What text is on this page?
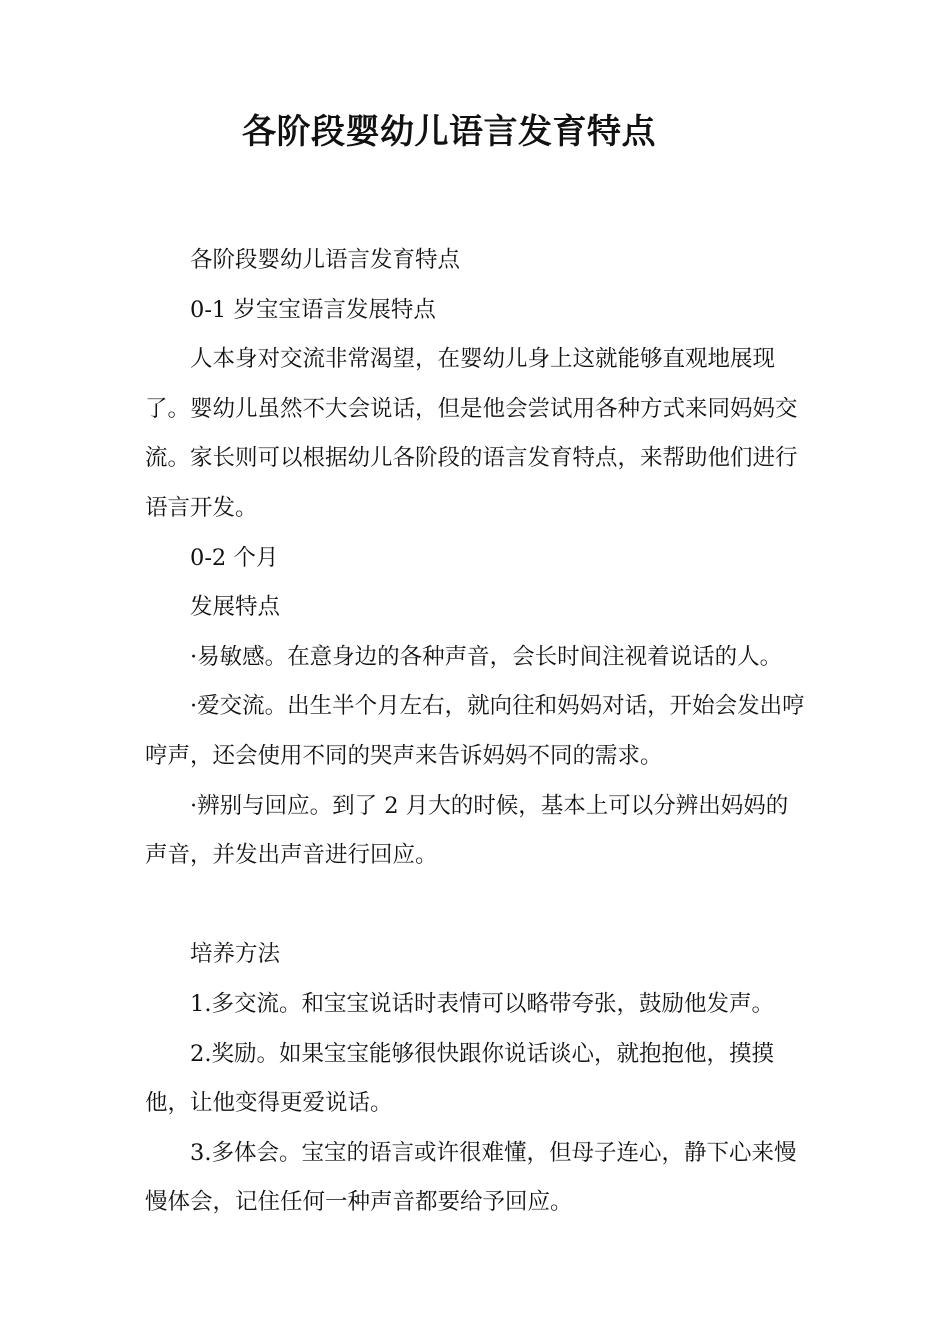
各阶段婴幼儿语言发育特点

各阶段婴幼儿语言发育特点

0-1 岁宝宝语言发展特点

人本身对交流非常渴望，在婴幼儿身上这就能够直观地展现了。婴幼儿虽然不大会说话，但是他会尝试用各种方式来同妈妈交流。家长则可以根据幼儿各阶段的语言发育特点，来帮助他们进行语言开发。

0-2 个月

发展特点

·易敏感。在意身边的各种声音，会长时间注视着说话的人。

·爱交流。出生半个月左右，就向往和妈妈对话，开始会发出哼哼声，还会使用不同的哭声来告诉妈妈不同的需求。

·辨别与回应。到了 2 月大的时候，基本上可以分辨出妈妈的声音，并发出声音进行回应。

培养方法

1.多交流。和宝宝说话时表情可以略带夸张，鼓励他发声。

2.奖励。如果宝宝能够很快跟你说话谈心，就抱抱他，摸摸他，让他变得更爱说话。

3.多体会。宝宝的语言或许很难懂，但母子连心，静下心来慢慢体会，记住任何一种声音都要给予回应。
